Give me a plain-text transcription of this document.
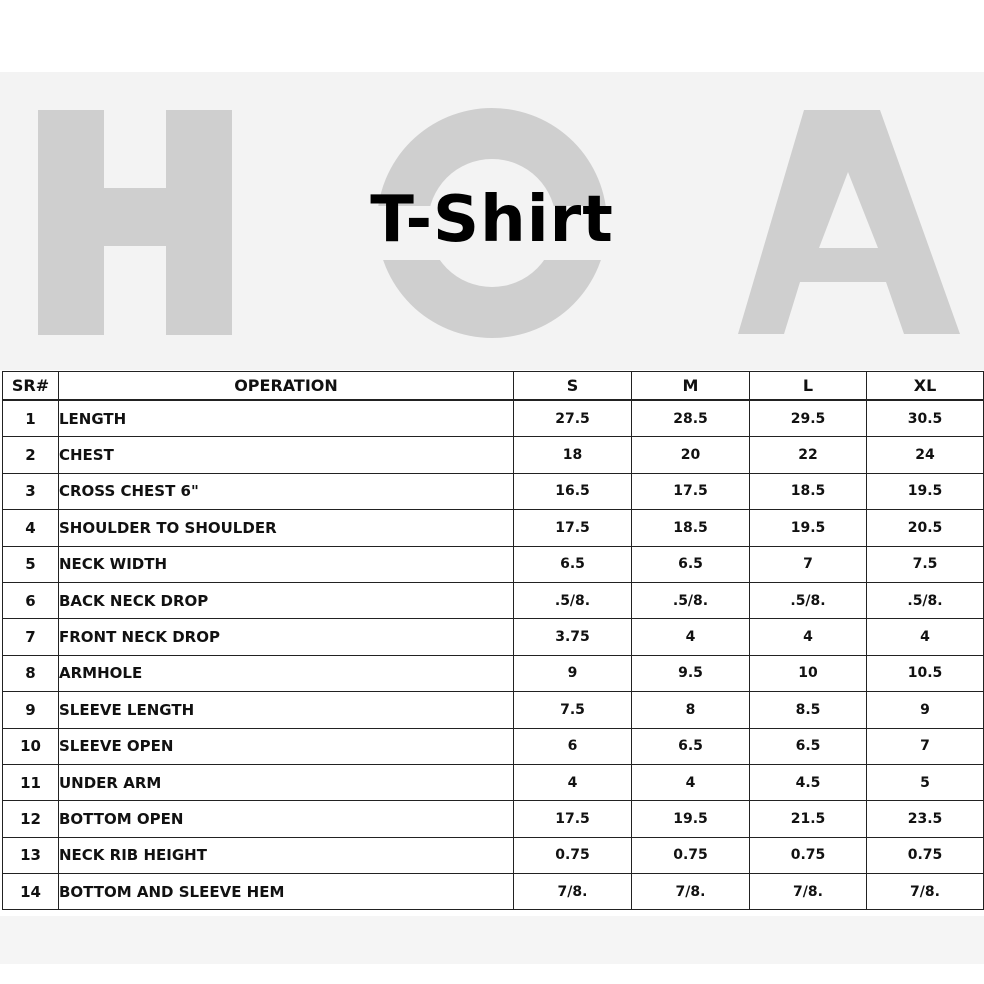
T-Shirt
SR#	OPERATION	S	M	L	XL
1	LENGTH	27.5	28.5	29.5	30.5
2	CHEST	18	20	22	24
3	CROSS CHEST 6"	16.5	17.5	18.5	19.5
4	SHOULDER TO SHOULDER	17.5	18.5	19.5	20.5
5	NECK WIDTH	6.5	6.5	7	7.5
6	BACK NECK DROP	.5/8.	.5/8.	.5/8.	.5/8.
7	FRONT NECK DROP	3.75	4	4	4
8	ARMHOLE	9	9.5	10	10.5
9	SLEEVE LENGTH	7.5	8	8.5	9
10	SLEEVE OPEN	6	6.5	6.5	7
11	UNDER ARM	4	4	4.5	5
12	BOTTOM OPEN	17.5	19.5	21.5	23.5
13	NECK RIB HEIGHT	0.75	0.75	0.75	0.75
14	BOTTOM AND SLEEVE HEM	7/8.	7/8.	7/8.	7/8.
